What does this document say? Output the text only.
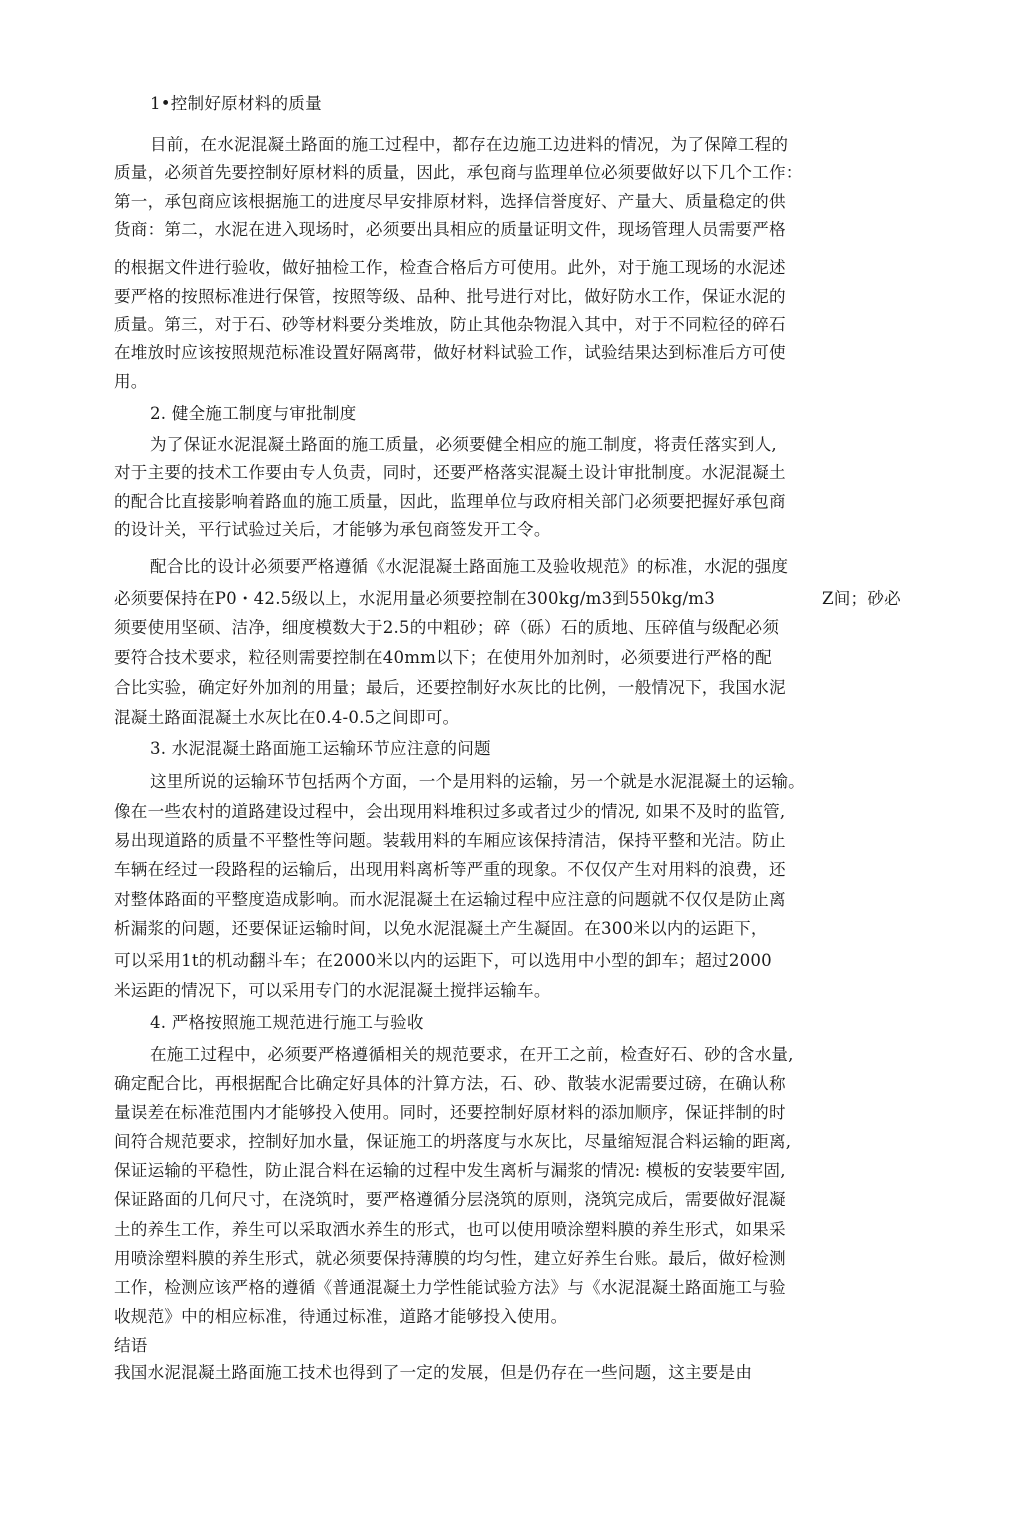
1•控制好原材料的质量
目前，在水泥混凝土路面的施工过程中，都存在边施工边进料的情况，为了保障工程的
质量，必须首先要控制好原材料的质量，因此，承包商与监理单位必须要做好以下几个工作：
第一，承包商应该根据施工的进度尽早安排原材料，选择信誉度好、产量大、质量稳定的供
货商：第二，水泥在进入现场时，必须要出具相应的质量证明文件，现场管理人员需要严格
的根据文件进行验收，做好抽检工作，检查合格后方可使用。此外，对于施工现场的水泥述
要严格的按照标准进行保管，按照等级、品种、批号进行对比，做好防水工作，保证水泥的
质量。第三，对于石、砂等材料要分类堆放，防止其他杂物混入其中，对于不同粒径的碎石
在堆放时应该按照规范标准设置好隔离带，做好材料试验工作，试验结果达到标准后方可使
用。
2. 健全施工制度与审批制度
为了保证水泥混凝土路面的施工质量，必须要健全相应的施工制度，将责任落实到人,
对于主要的技术工作要由专人负责，同时，还要严格落实混凝土设计审批制度。水泥混凝土
的配合比直接影响着路血的施工质量，因此，监理单位与政府相关部门必须要把握好承包商
的设计关，平行试验过关后，才能够为承包商签发开工令。
配合比的设计必须要严格遵循《水泥混凝土路面施工及验收规范》的标准，水泥的强度
必须要保持在P0・42.5级以上，水泥用量必须要控制在300kg/m3到550kg/m3	Z间；砂必
须要使用坚硕、洁净，细度模数大于2.5的中粗砂；碎（砾）石的质地、压碎值与级配必须
要符合技术要求，粒径则需要控制在40mm以下；在使用外加剂时，必须要进行严格的配
合比实验，确定好外加剂的用量；最后，还要控制好水灰比的比例，一般情况下，我国水泥
混凝土路面混凝土水灰比在0.4-0.5之间即可。
3. 水泥混凝土路面施工运输环节应注意的问题
这里所说的运输环节包括两个方面，一个是用料的运输，另一个就是水泥混凝土的运输。
像在一些农村的道路建设过程中，会出现用料堆积过多或者过少的情况, 如果不及时的监管,
易出现道路的质量不平整性等问题。装载用料的车厢应该保持清洁，保持平整和光洁。防止
车辆在经过一段路程的运输后，出现用料离析等严重的现象。不仅仅产生对用料的浪费，还
对整体路面的平整度造成影响。而水泥混凝土在运输过程中应注意的问题就不仅仅是防止离
析漏浆的问题，还要保证运输时间，以免水泥混凝土产生凝固。在300米以内的运距下，
可以采用1t的机动翻斗车；在2000米以内的运距下，可以选用中小型的卸车；超过2000
米运距的情况下，可以采用专门的水泥混凝土搅拌运输车。
4. 严格按照施工规范进行施工与验收
在施工过程中，必须要严格遵循相关的规范要求，在开工之前，检查好石、砂的含水量,
确定配合比，再根据配合比确定好具体的汁算方法，石、砂、散装水泥需要过磅，在确认称
量误差在标准范围内才能够投入使用。同时，还要控制好原材料的添加顺序，保证拌制的时
间符合规范要求，控制好加水量，保证施工的坍落度与水灰比，尽量缩短混合料运输的距离,
保证运输的平稳性，防止混合料在运输的过程中发生离析与漏浆的情况: 模板的安装要牢固,
保证路面的几何尺寸，在浇筑时，要严格遵循分层浇筑的原则，浇筑完成后，需要做好混凝
土的养生工作，养生可以采取洒水养生的形式，也可以使用喷涂塑料膜的养生形式，如果采
用喷涂塑料膜的养生形式，就必须要保持薄膜的均匀性，建立好养生台账。最后，做好检测
工作，检测应该严格的遵循《普通混凝土力学性能试验方法》与《水泥混凝土路面施工与验
收规范》中的相应标准，待通过标准，道路才能够投入使用。
结语
我国水泥混凝土路面施工技术也得到了一定的发展，但是仍存在一些问题，这主要是由
